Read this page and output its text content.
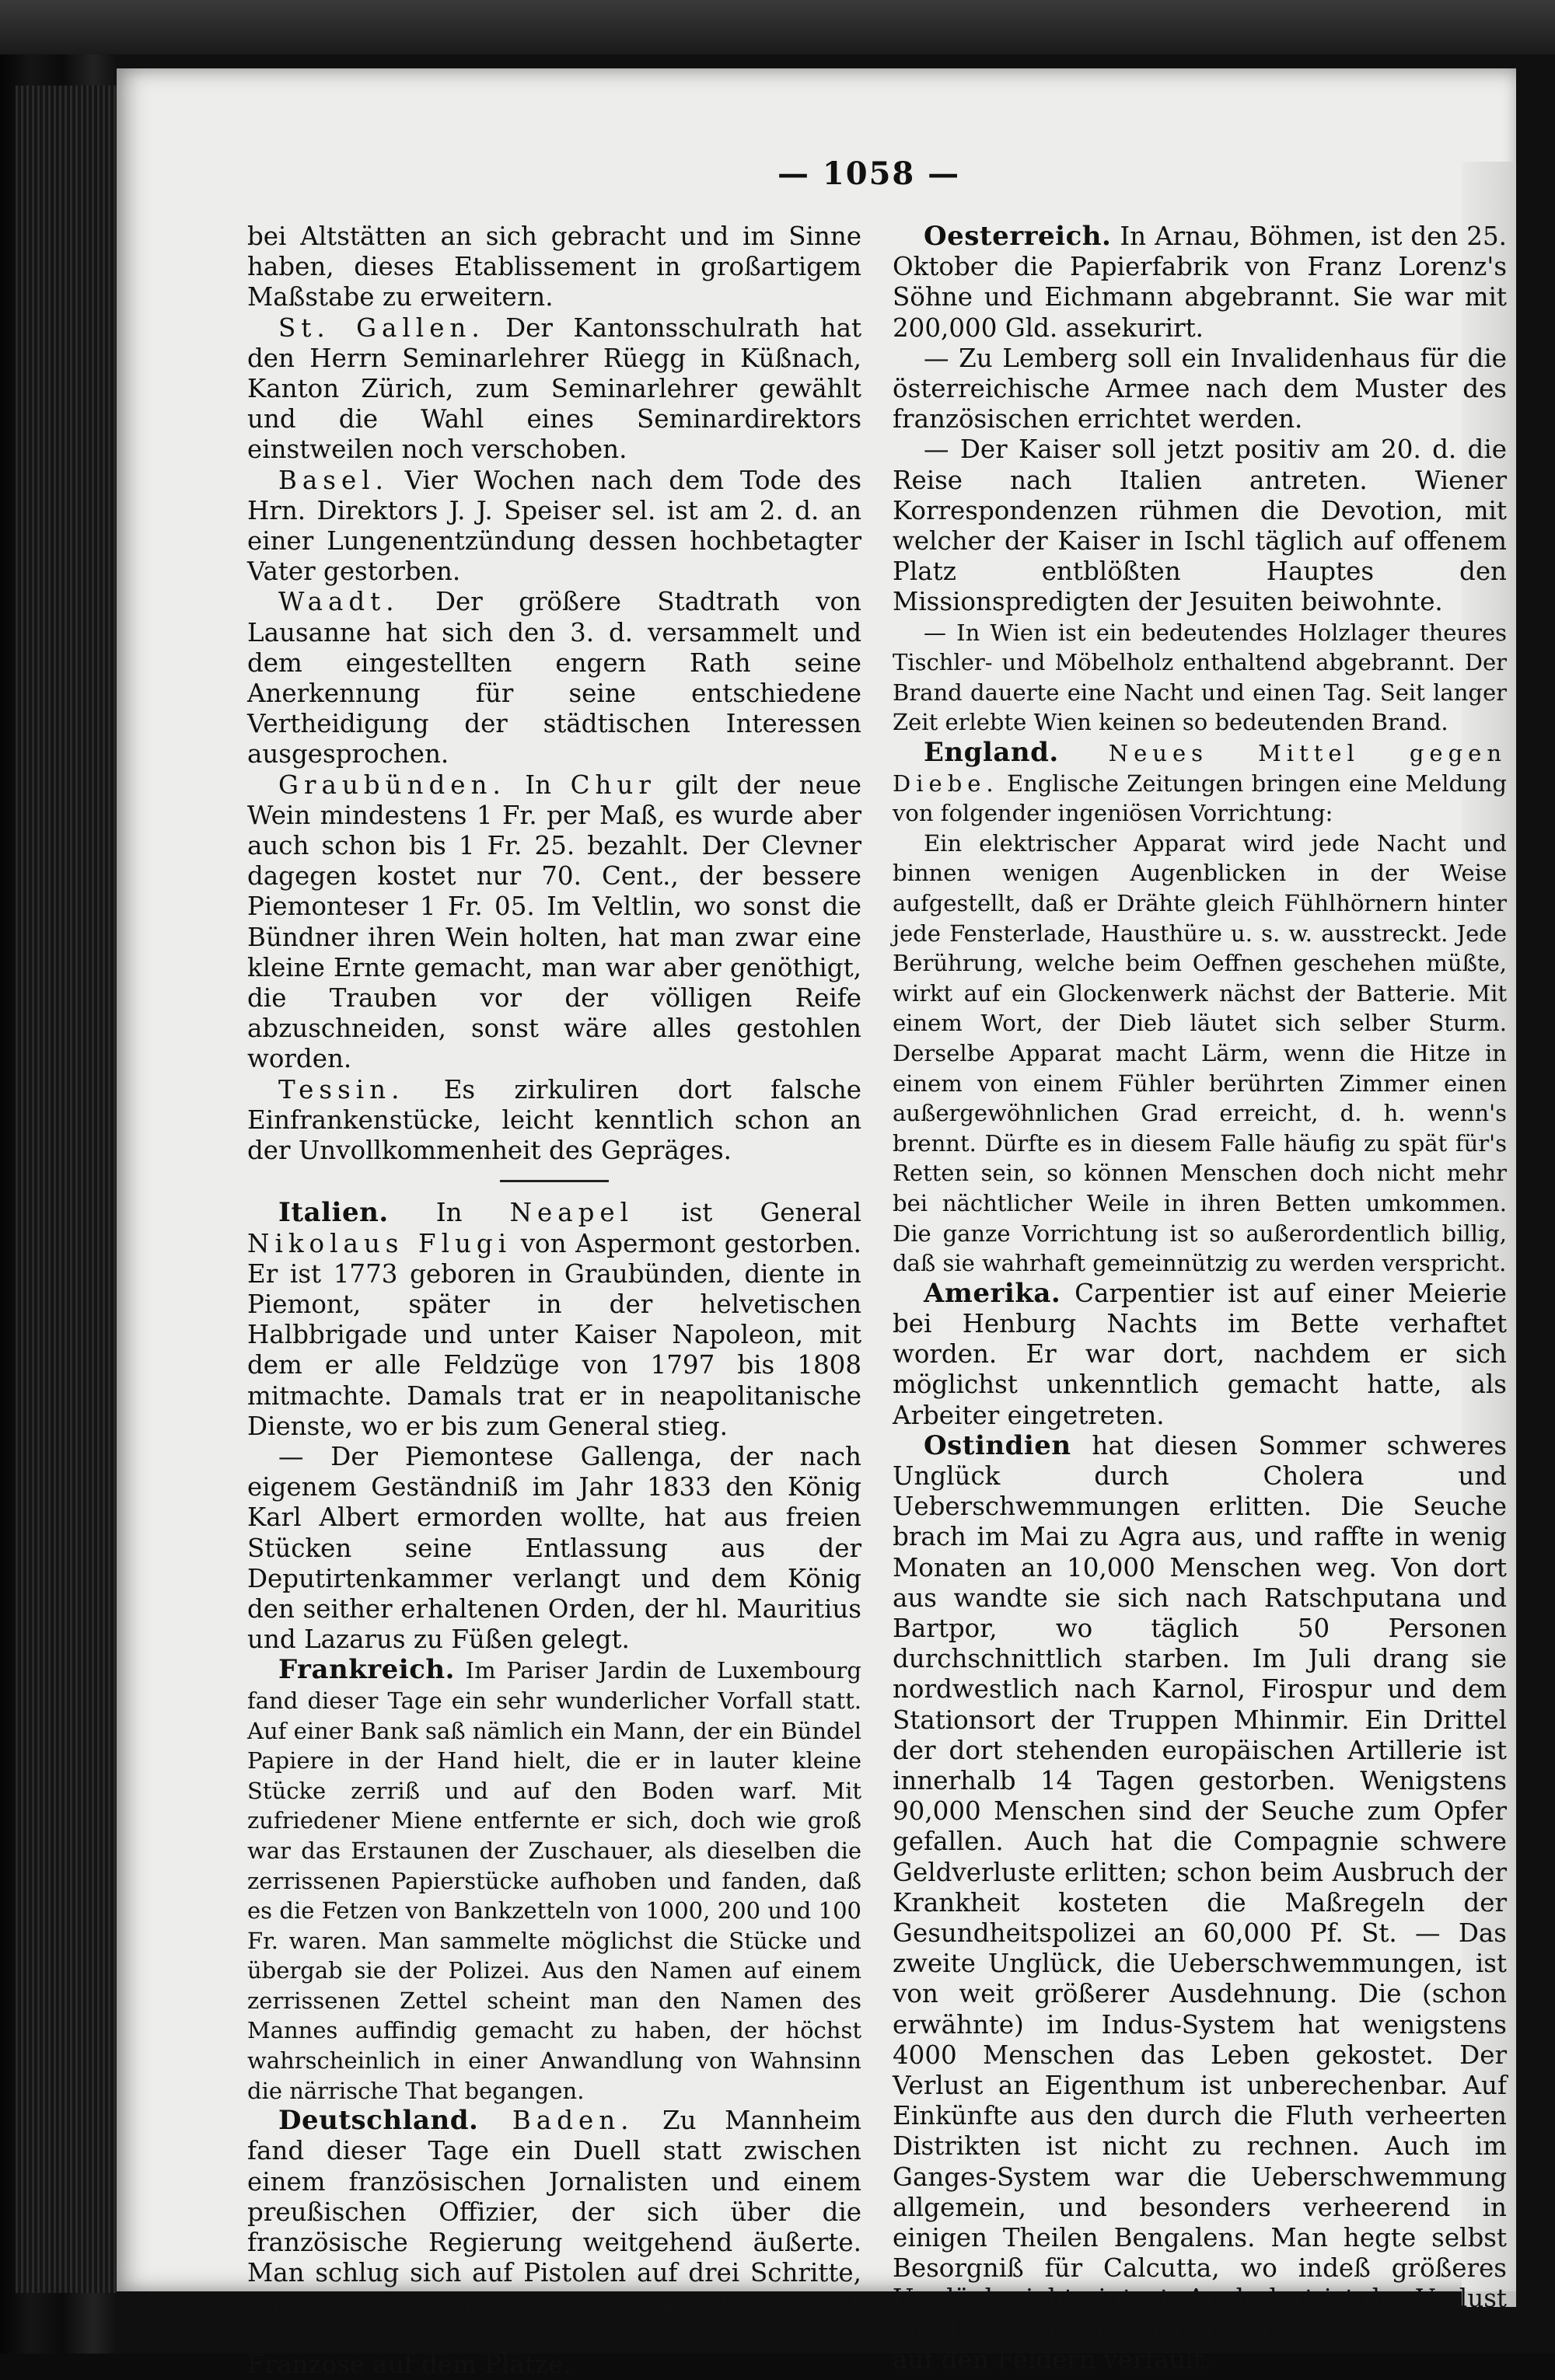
— 1058 —

bei Altstätten an sich gebracht und im Sinne haben, dieses Etablissement in großartigem Maßstabe zu erweitern.

St. Gallen. Der Kantonsschulrath hat den Herrn Seminarlehrer Rüegg in Küßnach, Kanton Zürich, zum Seminarlehrer gewählt und die Wahl eines Seminardirektors einstweilen noch verschoben.

Basel. Vier Wochen nach dem Tode des Hrn. Direktors J. J. Speiser sel. ist am 2. d. an einer Lungenentzündung dessen hochbetagter Vater gestorben.

Waadt. Der größere Stadtrath von Lausanne hat sich den 3. d. versammelt und dem eingestellten engern Rath seine Anerkennung für seine entschiedene Vertheidigung der städtischen Interessen ausgesprochen.

Graubünden. In Chur gilt der neue Wein mindestens 1 Fr. per Maß, es wurde aber auch schon bis 1 Fr. 25. bezahlt. Der Clevner dagegen kostet nur 70. Cent., der bessere Piemonteser 1 Fr. 05. Im Veltlin, wo sonst die Bündner ihren Wein holten, hat man zwar eine kleine Ernte gemacht, man war aber genöthigt, die Trauben vor der völligen Reife abzuschneiden, sonst wäre alles gestohlen worden.

Tessin. Es zirkuliren dort falsche Einfrankenstücke, leicht kenntlich schon an der Unvollkommenheit des Gepräges.

Italien. In Neapel ist General Nikolaus Flugi von Aspermont gestorben. Er ist 1773 geboren in Graubünden, diente in Piemont, später in der helvetischen Halbbrigade und unter Kaiser Napoleon, mit dem er alle Feldzüge von 1797 bis 1808 mitmachte. Damals trat er in neapolitanische Dienste, wo er bis zum General stieg.

— Der Piemontese Gallenga, der nach eigenem Geständniß im Jahr 1833 den König Karl Albert ermorden wollte, hat aus freien Stücken seine Entlassung aus der Deputirtenkammer verlangt und dem König den seither erhaltenen Orden, der hl. Mauritius und Lazarus zu Füßen gelegt.

Frankreich. Im Pariser Jardin de Luxembourg fand dieser Tage ein sehr wunderlicher Vorfall statt. Auf einer Bank saß nämlich ein Mann, der ein Bündel Papiere in der Hand hielt, die er in lauter kleine Stücke zerriß und auf den Boden warf. Mit zufriedener Miene entfernte er sich, doch wie groß war das Erstaunen der Zuschauer, als dieselben die zerrissenen Papierstücke aufhoben und fanden, daß es die Fetzen von Bankzetteln von 1000, 200 und 100 Fr. waren. Man sammelte möglichst die Stücke und übergab sie der Polizei. Aus den Namen auf einem zerrissenen Zettel scheint man den Namen des Mannes auffindig gemacht zu haben, der höchst wahrscheinlich in einer Anwandlung von Wahnsinn die närrische That begangen.

Deutschland. Baden. Zu Mannheim fand dieser Tage ein Duell statt zwischen einem französischen Jornalisten und einem preußischen Offizier, der sich über die französische Regierung weitgehend äußerte. Man schlug sich auf Pistolen auf drei Schritte, und da der Schuß versagte, auf Degen mit furchtbarer Hartnäckigkeit. Am Ende blieb der Franzose auf dem Platze.

Oesterreich. In Arnau, Böhmen, ist den 25. Oktober die Papierfabrik von Franz Lorenz's Söhne und Eichmann abgebrannt. Sie war mit 200,000 Gld. assekurirt.

— Zu Lemberg soll ein Invalidenhaus für die österreichische Armee nach dem Muster des französischen errichtet werden.

— Der Kaiser soll jetzt positiv am 20. d. die Reise nach Italien antreten. Wiener Korrespondenzen rühmen die Devotion, mit welcher der Kaiser in Ischl täglich auf offenem Platz entblößten Hauptes den Missionspredigten der Jesuiten beiwohnte.

— In Wien ist ein bedeutendes Holzlager theures Tischler- und Möbelholz enthaltend abgebrannt. Der Brand dauerte eine Nacht und einen Tag. Seit langer Zeit erlebte Wien keinen so bedeutenden Brand.

England. Neues Mittel gegen Diebe. Englische Zeitungen bringen eine Meldung von folgender ingeniösen Vorrichtung:

Ein elektrischer Apparat wird jede Nacht und binnen wenigen Augenblicken in der Weise aufgestellt, daß er Drähte gleich Fühlhörnern hinter jede Fensterlade, Hausthüre u. s. w. ausstreckt. Jede Berührung, welche beim Oeffnen geschehen müßte, wirkt auf ein Glockenwerk nächst der Batterie. Mit einem Wort, der Dieb läutet sich selber Sturm. Derselbe Apparat macht Lärm, wenn die Hitze in einem von einem Fühler berührten Zimmer einen außergewöhnlichen Grad erreicht, d. h. wenn's brennt. Dürfte es in diesem Falle häufig zu spät für's Retten sein, so können Menschen doch nicht mehr bei nächtlicher Weile in ihren Betten umkommen. Die ganze Vorrichtung ist so außerordentlich billig, daß sie wahrhaft gemeinnützig zu werden verspricht.

Amerika. Carpentier ist auf einer Meierie bei Henburg Nachts im Bette verhaftet worden. Er war dort, nachdem er sich möglichst unkenntlich gemacht hatte, als Arbeiter eingetreten.

Ostindien hat diesen Sommer schweres Unglück durch Cholera und Ueberschwemmungen erlitten. Die Seuche brach im Mai zu Agra aus, und raffte in wenig Monaten an 10,000 Menschen weg. Von dort aus wandte sie sich nach Ratschputana und Bartpor, wo täglich 50 Personen durchschnittlich starben. Im Juli drang sie nordwestlich nach Karnol, Firospur und dem Stationsort der Truppen Mhinmir. Ein Drittel der dort stehenden europäischen Artillerie ist innerhalb 14 Tagen gestorben. Wenigstens 90,000 Menschen sind der Seuche zum Opfer gefallen. Auch hat die Compagnie schwere Geldverluste erlitten; schon beim Ausbruch der Krankheit kosteten die Maßregeln der Gesundheitspolizei an 60,000 Pf. St. — Das zweite Unglück, die Ueberschwemmungen, ist von weit größerer Ausdehnung. Die (schon erwähnte) im Indus-System hat wenigstens 4000 Menschen das Leben gekostet. Der Verlust an Eigenthum ist unberechenbar. Auf Einkünfte aus den durch die Fluth verheerten Distrikten ist nicht zu rechnen. Auch im Ganges-System war die Ueberschwemmung allgemein, und besonders verheerend in einigen Theilen Bengalens. Man hegte selbst Besorgniß für Calcutta, wo indeß größeres Unglück nicht eintrat. Auch dort ist der Verlust an Menschenleben bedeutend; die Reisernte ist auf den Feldern verfault.
